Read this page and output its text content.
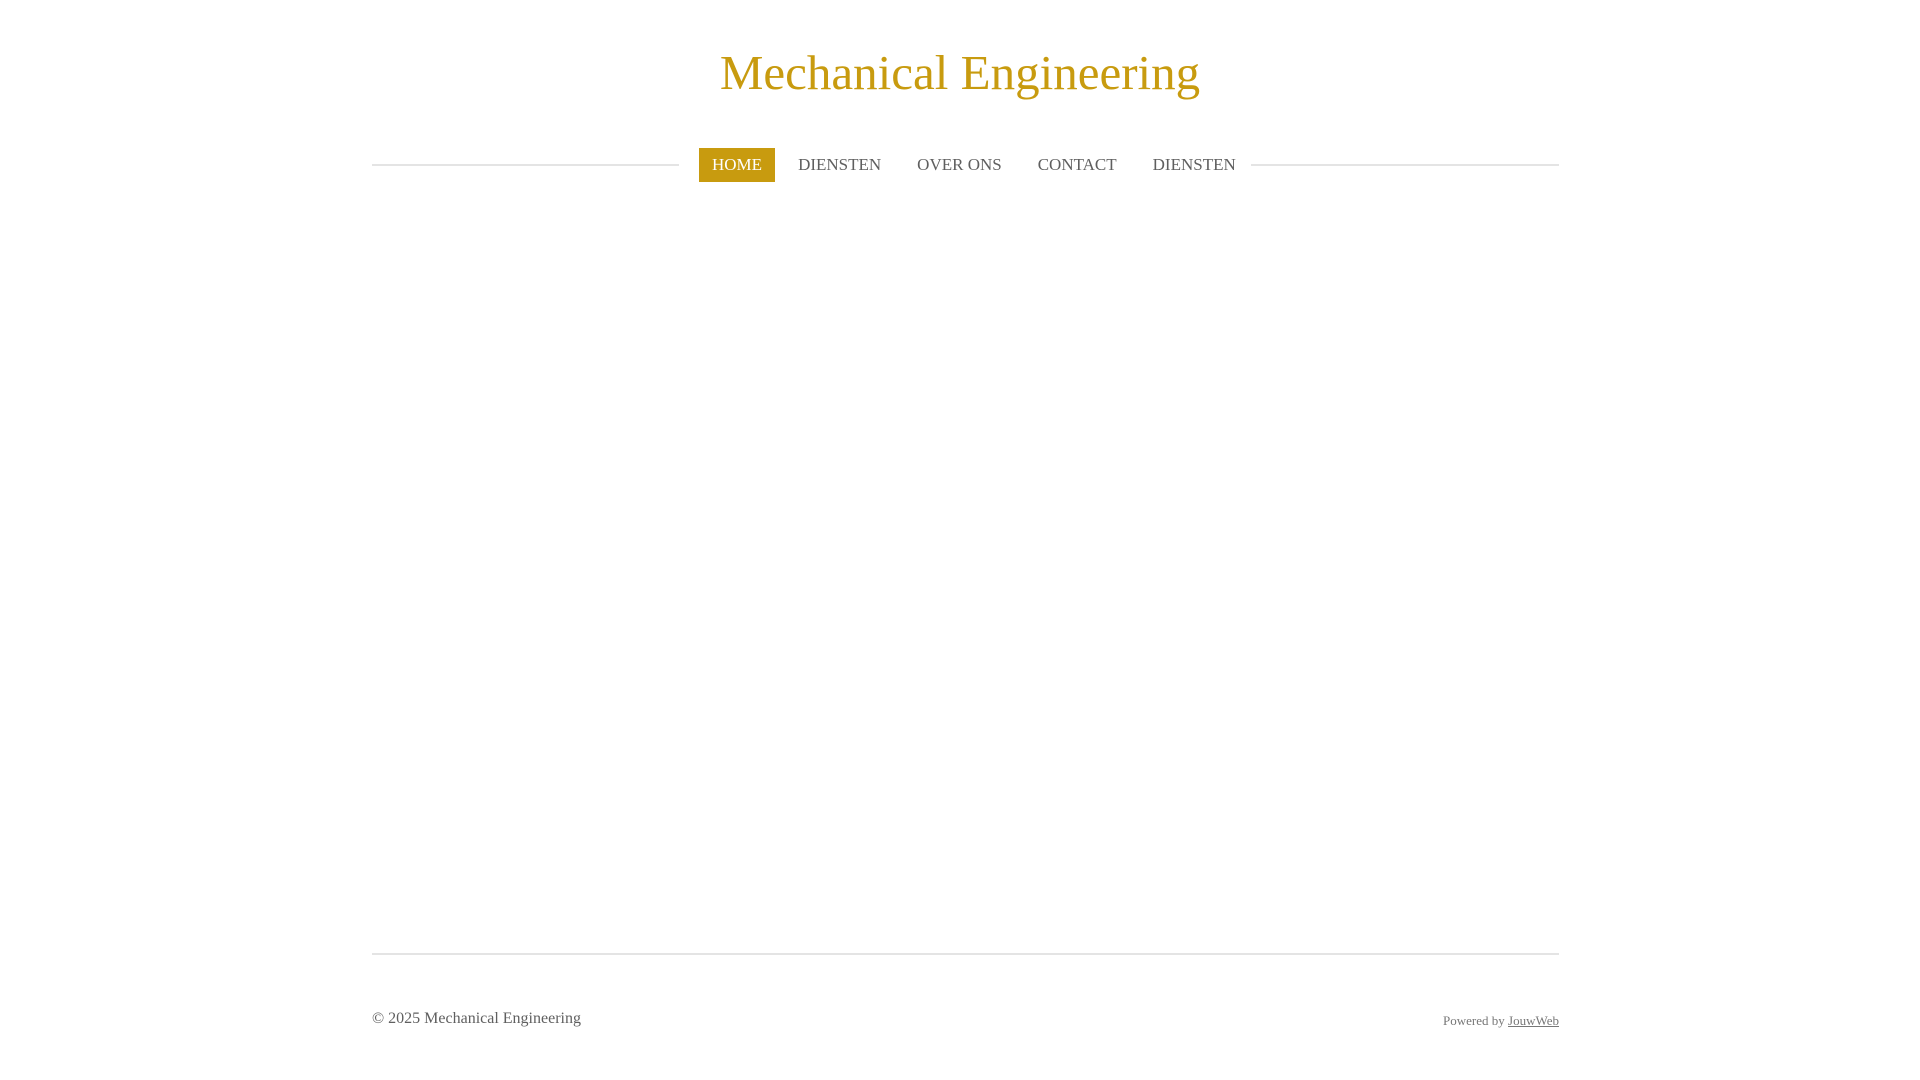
Mechanical Engineering
HOME	DIENSTEN	OVER ONS	CONTACT	DIENSTEN
© 2025 Mechanical Engineering	Powered by JouwWeb
